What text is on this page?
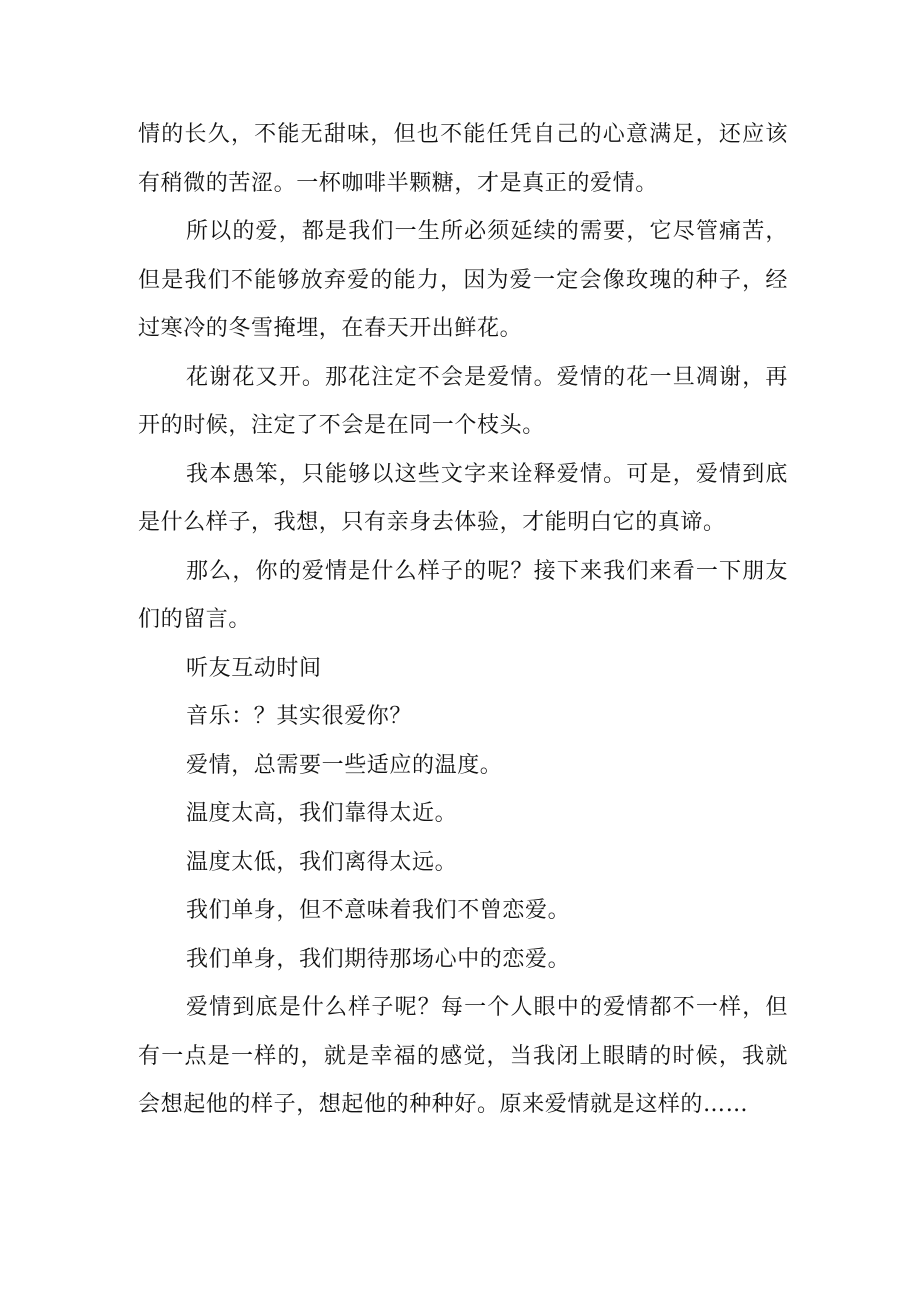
情的长久，不能无甜味，但也不能任凭自己的心意满足，还应该有稍微的苦涩。一杯咖啡半颗糖，才是真正的爱情。

所以的爱，都是我们一生所必须延续的需要，它尽管痛苦，但是我们不能够放弃爱的能力，因为爱一定会像玫瑰的种子，经过寒冷的冬雪掩埋，在春天开出鲜花。

花谢花又开。那花注定不会是爱情。爱情的花一旦凋谢，再开的时候，注定了不会是在同一个枝头。

我本愚笨，只能够以这些文字来诠释爱情。可是，爱情到底是什么样子，我想，只有亲身去体验，才能明白它的真谛。

那么，你的爱情是什么样子的呢？接下来我们来看一下朋友们的留言。

听友互动时间

音乐：？其实很爱你？

爱情，总需要一些适应的温度。

温度太高，我们靠得太近。

温度太低，我们离得太远。

我们单身，但不意味着我们不曾恋爱。

我们单身，我们期待那场心中的恋爱。

爱情到底是什么样子呢？每一个人眼中的爱情都不一样，但有一点是一样的，就是幸福的感觉，当我闭上眼睛的时候，我就会想起他的样子，想起他的种种好。原来爱情就是这样的……
